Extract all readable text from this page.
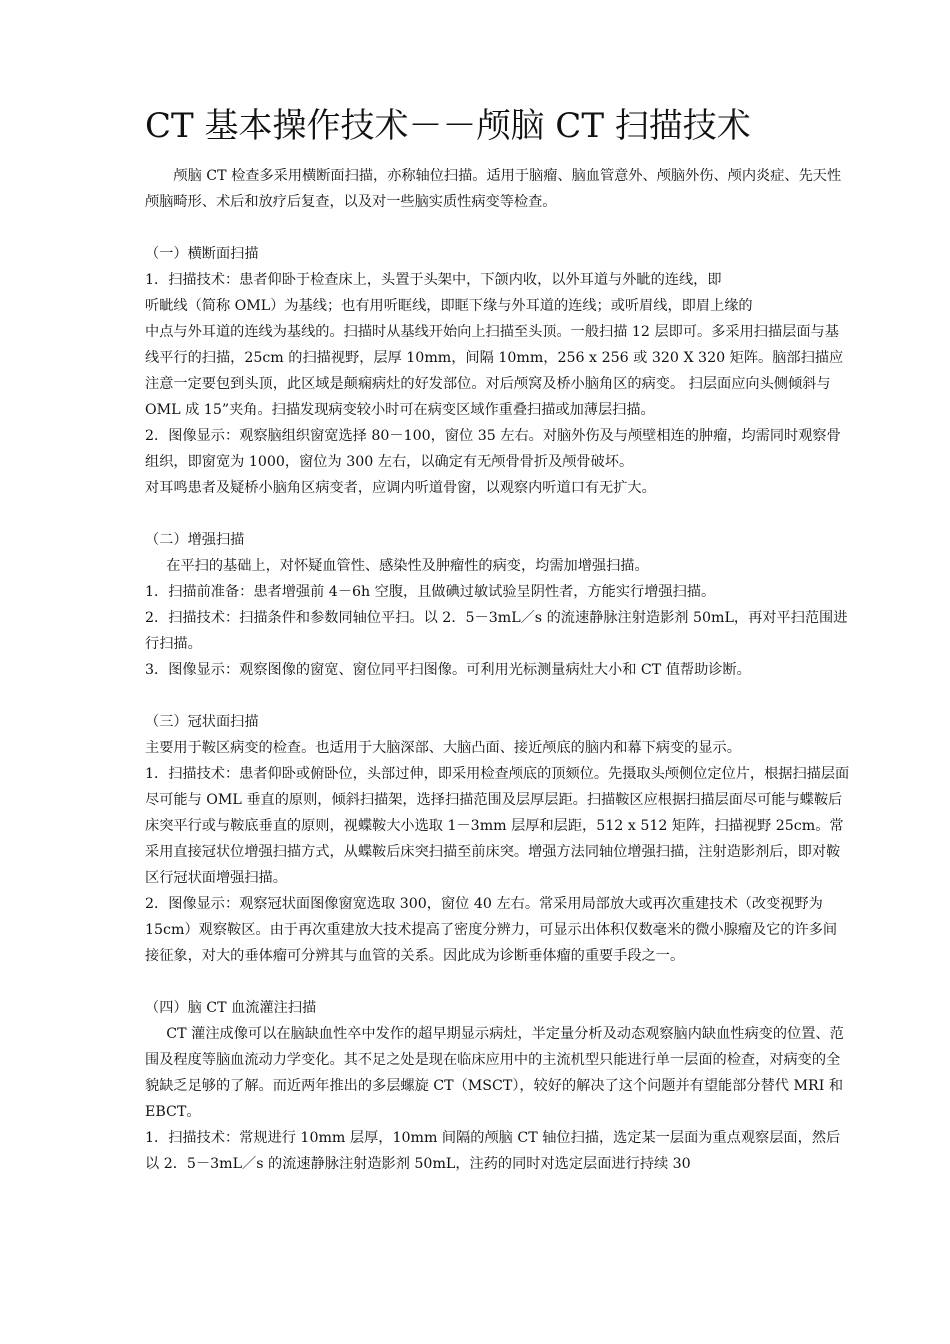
CT 基本操作技术－－颅脑 CT 扫描技术

颅脑 CT 检查多采用横断面扫描，亦称轴位扫描。适用于脑瘤、脑血管意外、颅脑外伤、颅内炎症、先天性颅脑畸形、术后和放疗后复查，以及对一些脑实质性病变等检查。

（一）横断面扫描

1．扫描技术：患者仰卧于检查床上，头置于头架中，下颌内收，以外耳道与外眦的连线，即

听眦线（简称 OML）为基线；也有用听眶线，即眶下缘与外耳道的连线；或听眉线，即眉上缘的

中点与外耳道的连线为基线的。扫描时从基线开始向上扫描至头顶。一般扫描 12 层即可。多采用扫描层面与基线平行的扫描，25cm 的扫描视野，层厚 10mm，间隔 10mm，256 x 256 或 320 X 320 矩阵。脑部扫描应注意一定要包到头顶，此区域是颠痫病灶的好发部位。对后颅窝及桥小脑角区的病变。 扫层面应向头侧倾斜与 OML 成 15”夹角。扫描发现病变较小时可在病变区域作重叠扫描或加薄层扫描。

2．图像显示：观察脑组织窗宽选择 80－100，窗位 35 左右。对脑外伤及与颅壁相连的肿瘤，均需同时观察骨组织，即窗宽为 1000，窗位为 300 左右，以确定有无颅骨骨折及颅骨破坏。

对耳鸣患者及疑桥小脑角区病变者，应调内听道骨窗，以观察内听道口有无扩大。

（二）增强扫描

在平扫的基础上，对怀疑血管性、感染性及肿瘤性的病变，均需加增强扫描。

1．扫描前准备：患者增强前 4－6h 空腹，且做碘过敏试验呈阴性者，方能实行增强扫描。

2．扫描技术：扫描条件和参数同轴位平扫。以 2．5－3mL／s 的流速静脉注射造影剂 50mL，再对平扫范围进行扫描。

3．图像显示：观察图像的窗宽、窗位同平扫图像。可利用光标测量病灶大小和 CT 值帮助诊断。

（三）冠状面扫描

主要用于鞍区病变的检查。也适用于大脑深部、大脑凸面、接近颅底的脑内和幕下病变的显示。

1．扫描技术：患者仰卧或俯卧位，头部过伸，即采用检查颅底的顶颏位。先摄取头颅侧位定位片，根据扫描层面尽可能与 OML 垂直的原则，倾斜扫描架，选择扫描范围及层厚层距。扫描鞍区应根据扫描层面尽可能与蝶鞍后床突平行或与鞍底垂直的原则，视蝶鞍大小选取 1－3mm 层厚和层距，512 x 512 矩阵，扫描视野 25cm。常采用直接冠状位增强扫描方式，从蝶鞍后床突扫描至前床突。增强方法同轴位增强扫描，注射造影剂后，即对鞍区行冠状面增强扫描。

2．图像显示：观察冠状面图像窗宽选取 300，窗位 40 左右。常采用局部放大或再次重建技术（改变视野为 15cm）观察鞍区。由于再次重建放大技术提高了密度分辨力，可显示出体积仅数毫米的微小腺瘤及它的许多间接征象，对大的垂体瘤可分辨其与血管的关系。因此成为诊断垂体瘤的重要手段之一。

（四）脑 CT 血流灌注扫描

CT 灌注成像可以在脑缺血性卒中发作的超早期显示病灶，半定量分析及动态观察脑内缺血性病变的位置、范围及程度等脑血流动力学变化。其不足之处是现在临床应用中的主流机型只能进行单一层面的检查，对病变的全貌缺乏足够的了解。而近两年推出的多层螺旋 CT（MSCT），较好的解决了这个问题并有望能部分替代 MRI 和 EBCT。

1．扫描技术：常规进行 10mm 层厚，10mm 间隔的颅脑 CT 轴位扫描，选定某一层面为重点观察层面，然后以 2．5－3mL／s 的流速静脉注射造影剂 50mL，注药的同时对选定层面进行持续 30
